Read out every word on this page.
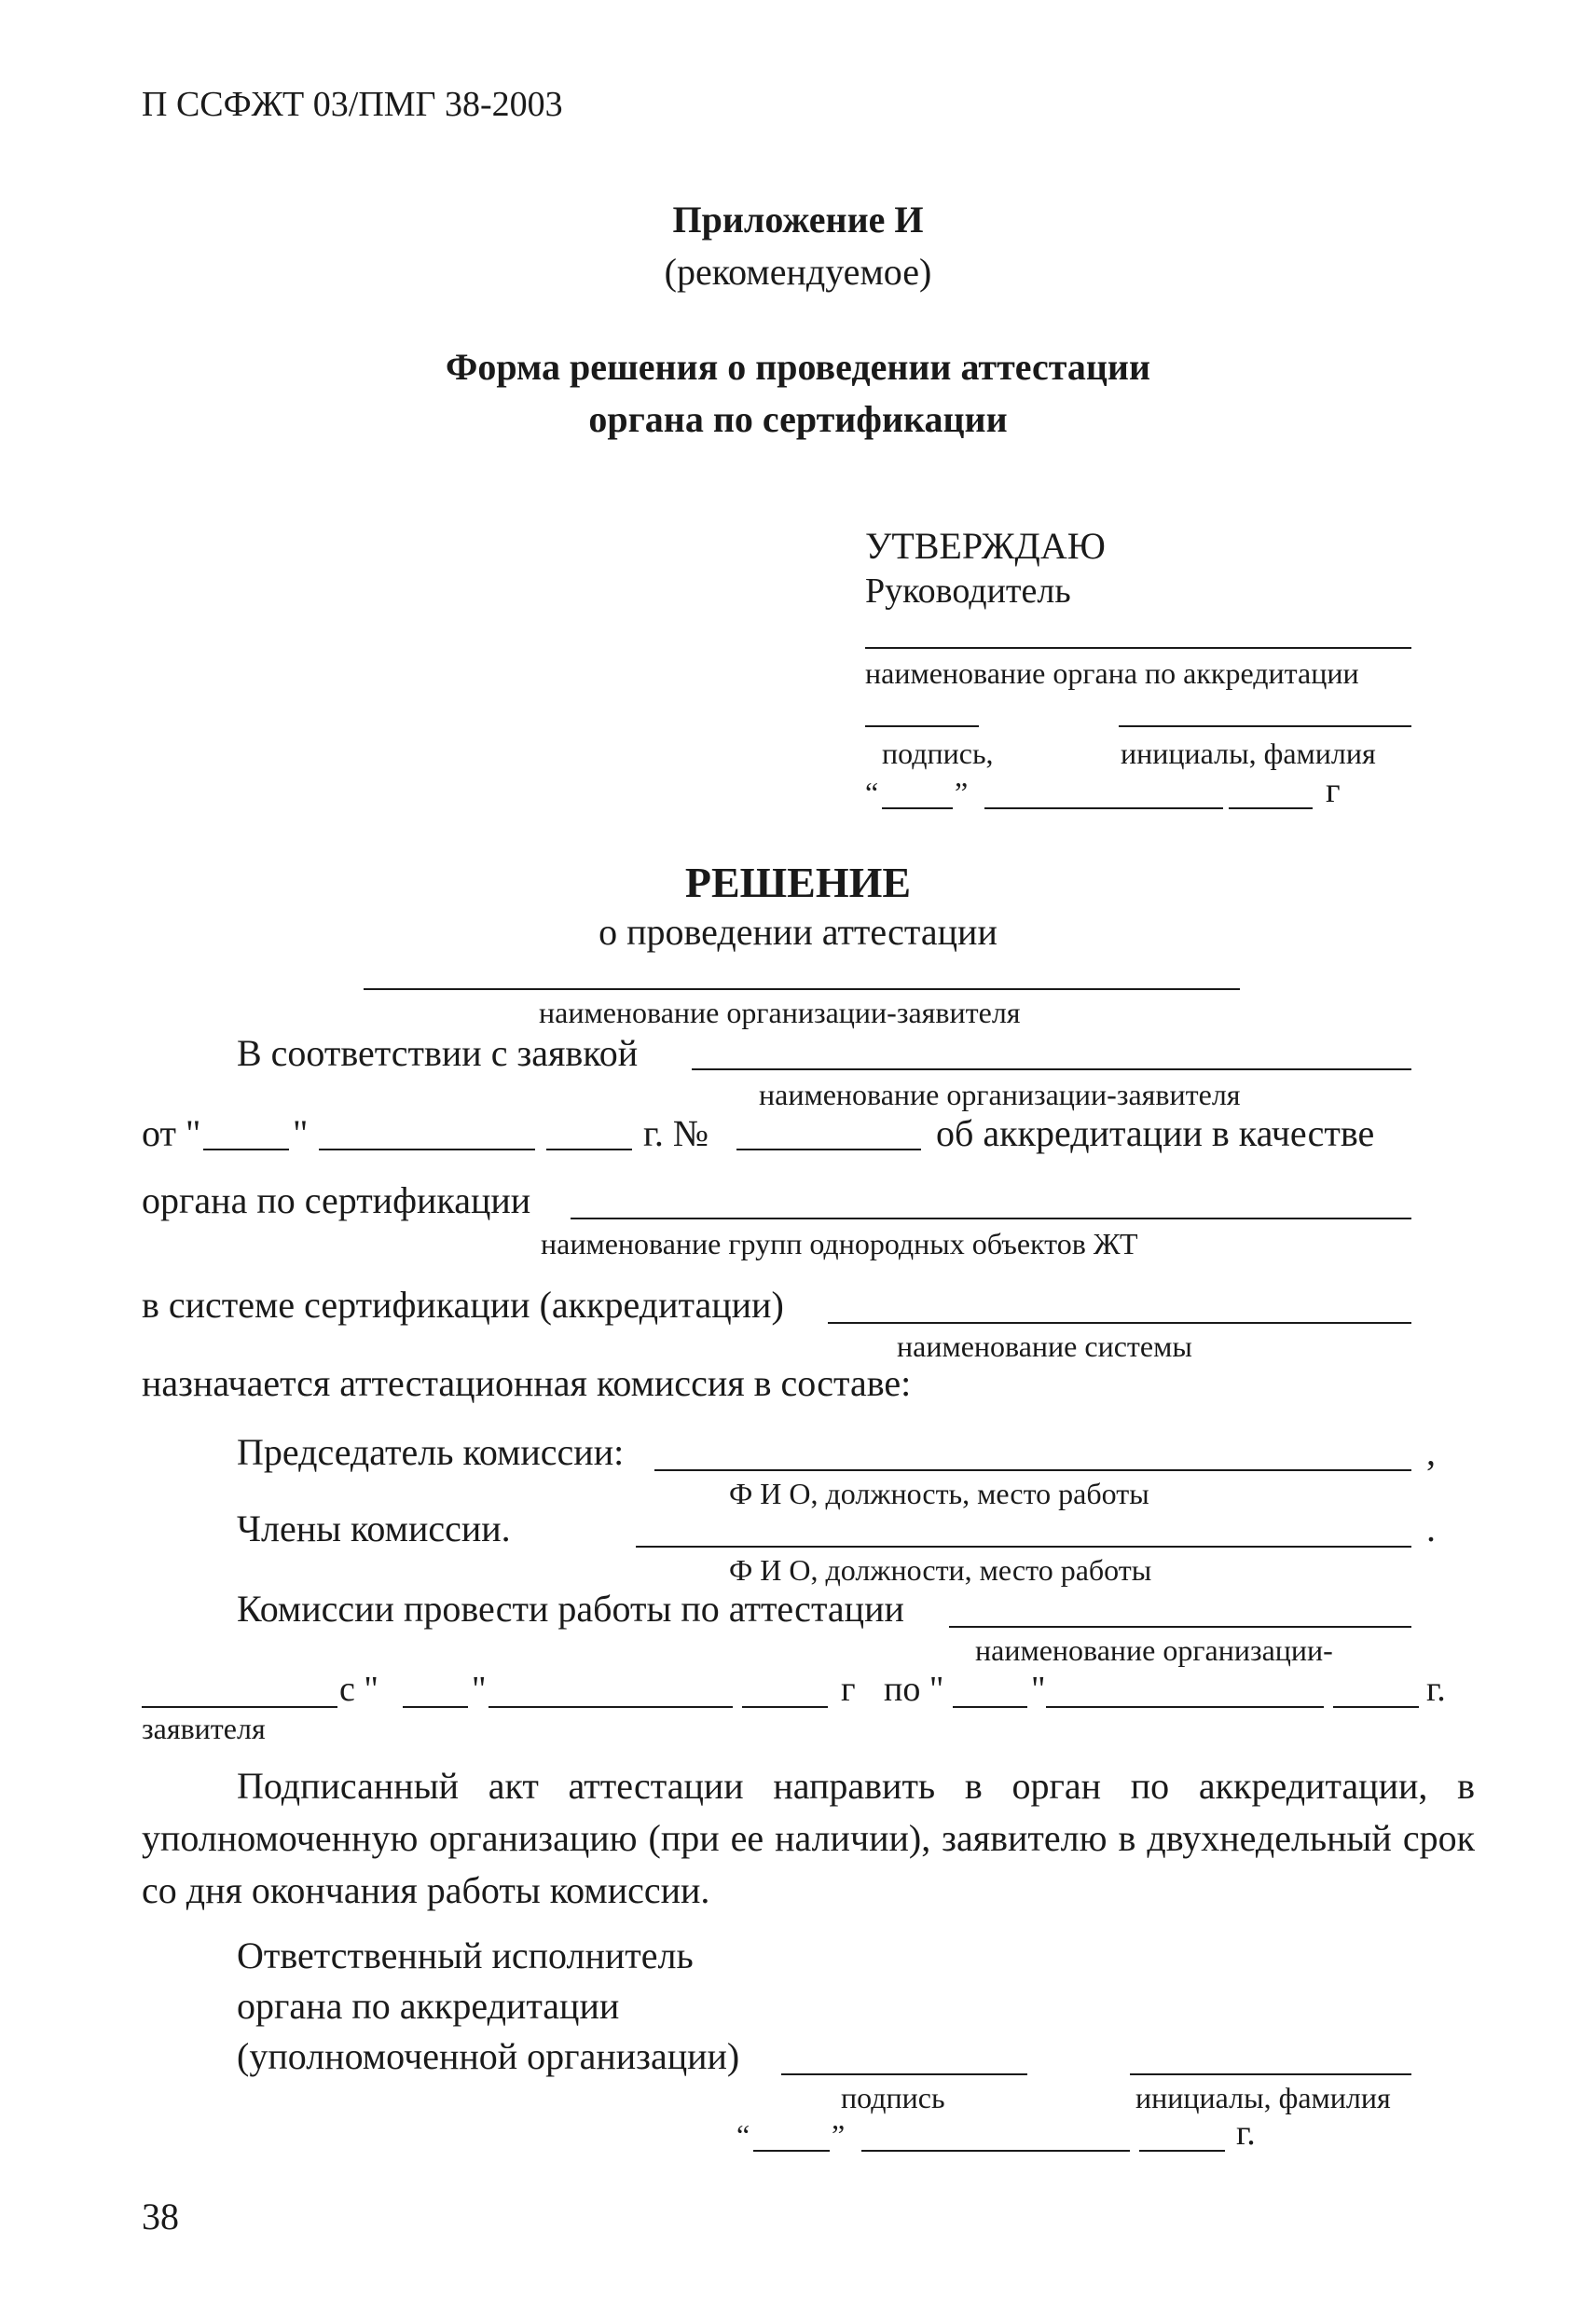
П ССФЖТ 03/ПМГ 38-2003
Приложение И
(рекомендуемое)
Форма решения о проведении аттестации
органа по сертификации
УТВЕРЖДАЮ
Руководитель
наименование органа по аккредитации
подпись,	инициалы, фамилия
“	”	г
РЕШЕНИЕ
о проведении аттестации
наименование организации-заявителя
В соответствии с заявкой
наименование организации-заявителя
от " "	г. №	об аккредитации в качестве
органа по сертификации
наименование групп однородных объектов ЖТ
в системе сертификации (аккредитации)
наименование системы
назначается аттестационная комиссия в составе:
Председатель комиссии:	,
Ф И О, должность, место работы
Члены комиссии.	.
Ф И О, должности, место работы
Комиссии провести работы по аттестации
наименование организации-
с "	"	г по " "	г.
заявителя
Подписанный акт аттестации направить в орган по аккредитации, в уполномоченную организацию (при ее наличии), заявителю в двухнедельный срок со дня окончания работы комиссии.
Ответственный исполнитель
органа по аккредитации
(уполномоченной организации)
подпись	инициалы, фамилия
“	”	г.
38
